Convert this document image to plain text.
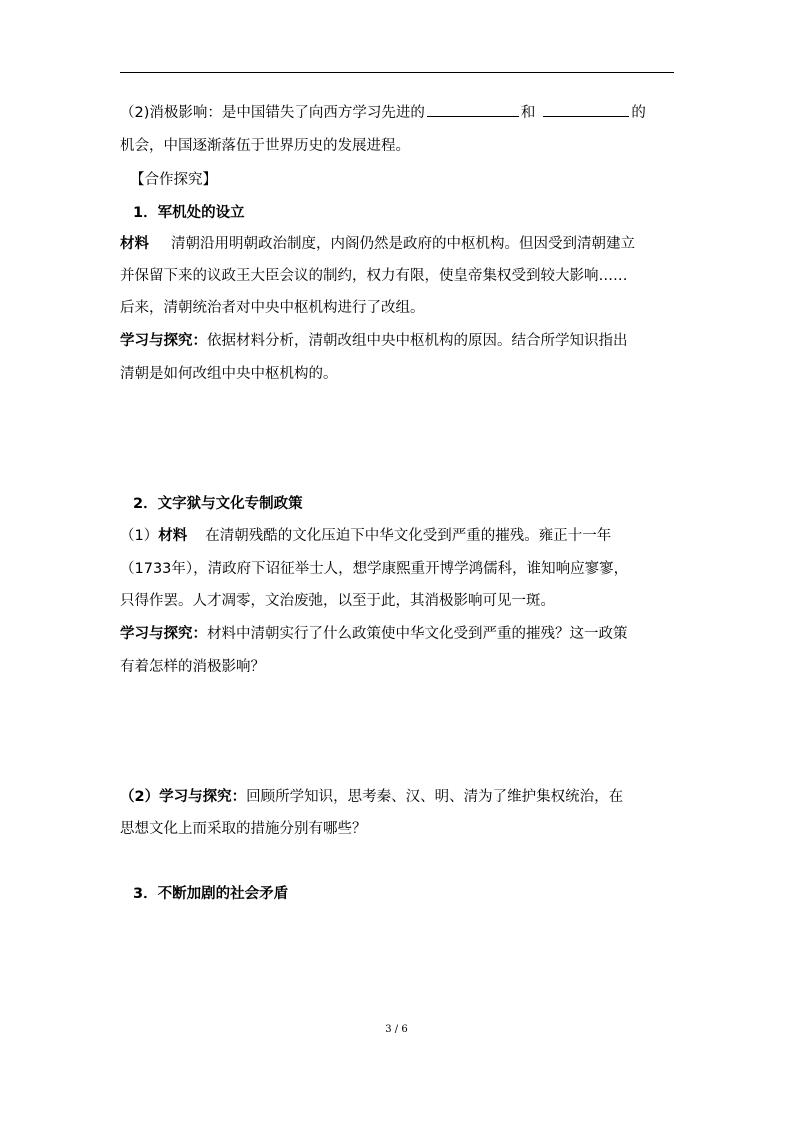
（2)消极影响：是中国错失了向西方学习先进的	和	的
机会，中国逐渐落伍于世界历史的发展进程。
【合作探究】
1．军机处的设立
材料 清朝沿用明朝政治制度，内阁仍然是政府的中枢机构。但因受到清朝建立
并保留下来的议政王大臣会议的制约，权力有限，使皇帝集权受到较大影响……
后来，清朝统治者对中央中枢机构进行了改组。
学习与探究：依据材料分析，清朝改组中央中枢机构的原因。结合所学知识指出
清朝是如何改组中央中枢机构的。
2．文字狱与文化专制政策
（1）材料 在清朝残酷的文化压迫下中华文化受到严重的摧残。雍正十一年
（1733年），清政府下诏征举士人，想学康熙重开博学鸿儒科，谁知响应寥寥，
只得作罢。人才凋零，文治废弛，以至于此，其消极影响可见一斑。
学习与探究：材料中清朝实行了什么政策使中华文化受到严重的摧残？这一政策
有着怎样的消极影响？
（2）学习与探究：回顾所学知识，思考秦、汉、明、清为了维护集权统治，在
思想文化上而采取的措施分别有哪些？
3．不断加剧的社会矛盾
3 / 6
